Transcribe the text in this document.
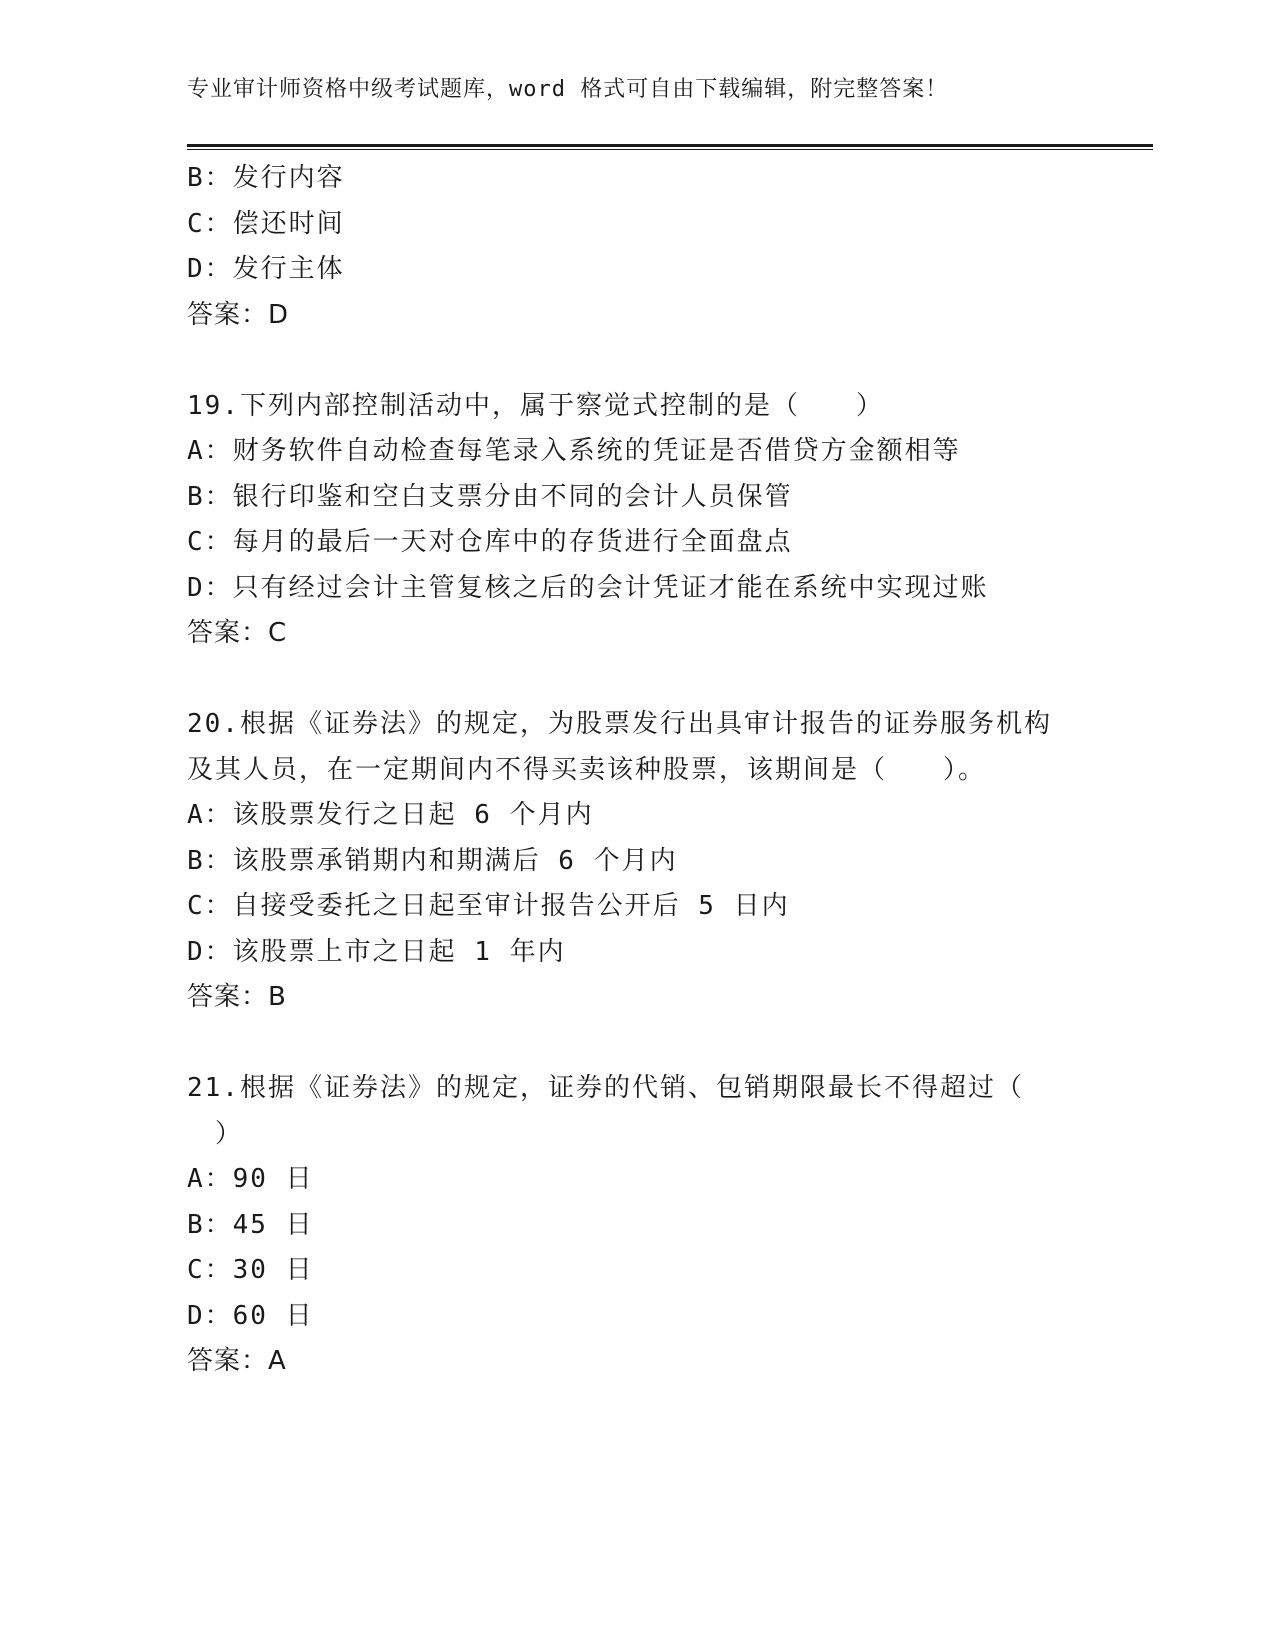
专业审计师资格中级考试题库，word 格式可自由下载编辑，附完整答案！
B：发行内容
C：偿还时间
D：发行主体
答案：D
19.下列内部控制活动中，属于察觉式控制的是（　　）
A：财务软件自动检查每笔录入系统的凭证是否借贷方金额相等
B：银行印鉴和空白支票分由不同的会计人员保管
C：每月的最后一天对仓库中的存货进行全面盘点
D：只有经过会计主管复核之后的会计凭证才能在系统中实现过账
答案：C
20.根据《证券法》的规定，为股票发行出具审计报告的证券服务机构
及其人员，在一定期间内不得买卖该种股票，该期间是（　　）。
A：该股票发行之日起 6 个月内
B：该股票承销期内和期满后 6 个月内
C：自接受委托之日起至审计报告公开后 5 日内
D：该股票上市之日起 1 年内
答案：B
21.根据《证券法》的规定，证券的代销、包销期限最长不得超过（
）
A：90 日
B：45 日
C：30 日
D：60 日
答案：A
